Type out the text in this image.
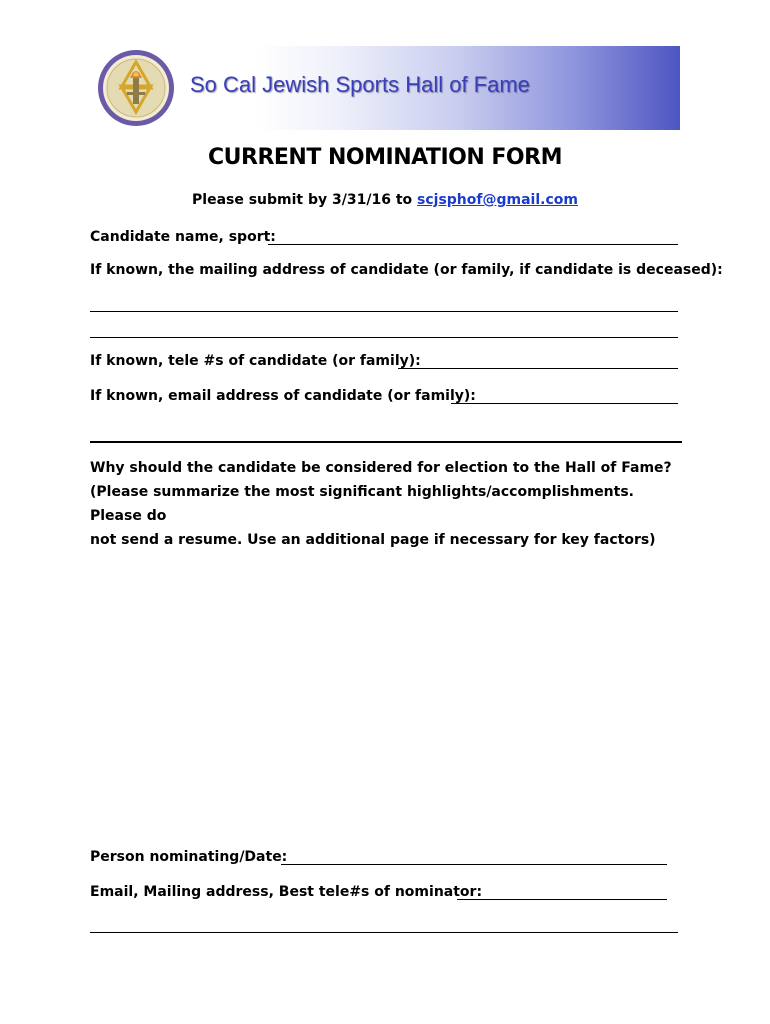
So Cal Jewish Sports Hall of Fame
CURRENT NOMINATION FORM
Please submit by 3/31/16 to scjsphof@gmail.com
Candidate name, sport:
If known, the mailing address of candidate (or family, if candidate is deceased):
If known, tele #s of candidate (or family):
If known, email address of candidate (or family):
Why should the candidate be considered for election to the Hall of Fame?
(Please summarize the most significant highlights/accomplishments. Please do
not send a resume. Use an additional page if necessary for key factors)
Person nominating/Date:
Email, Mailing address, Best tele#s of nominator:
